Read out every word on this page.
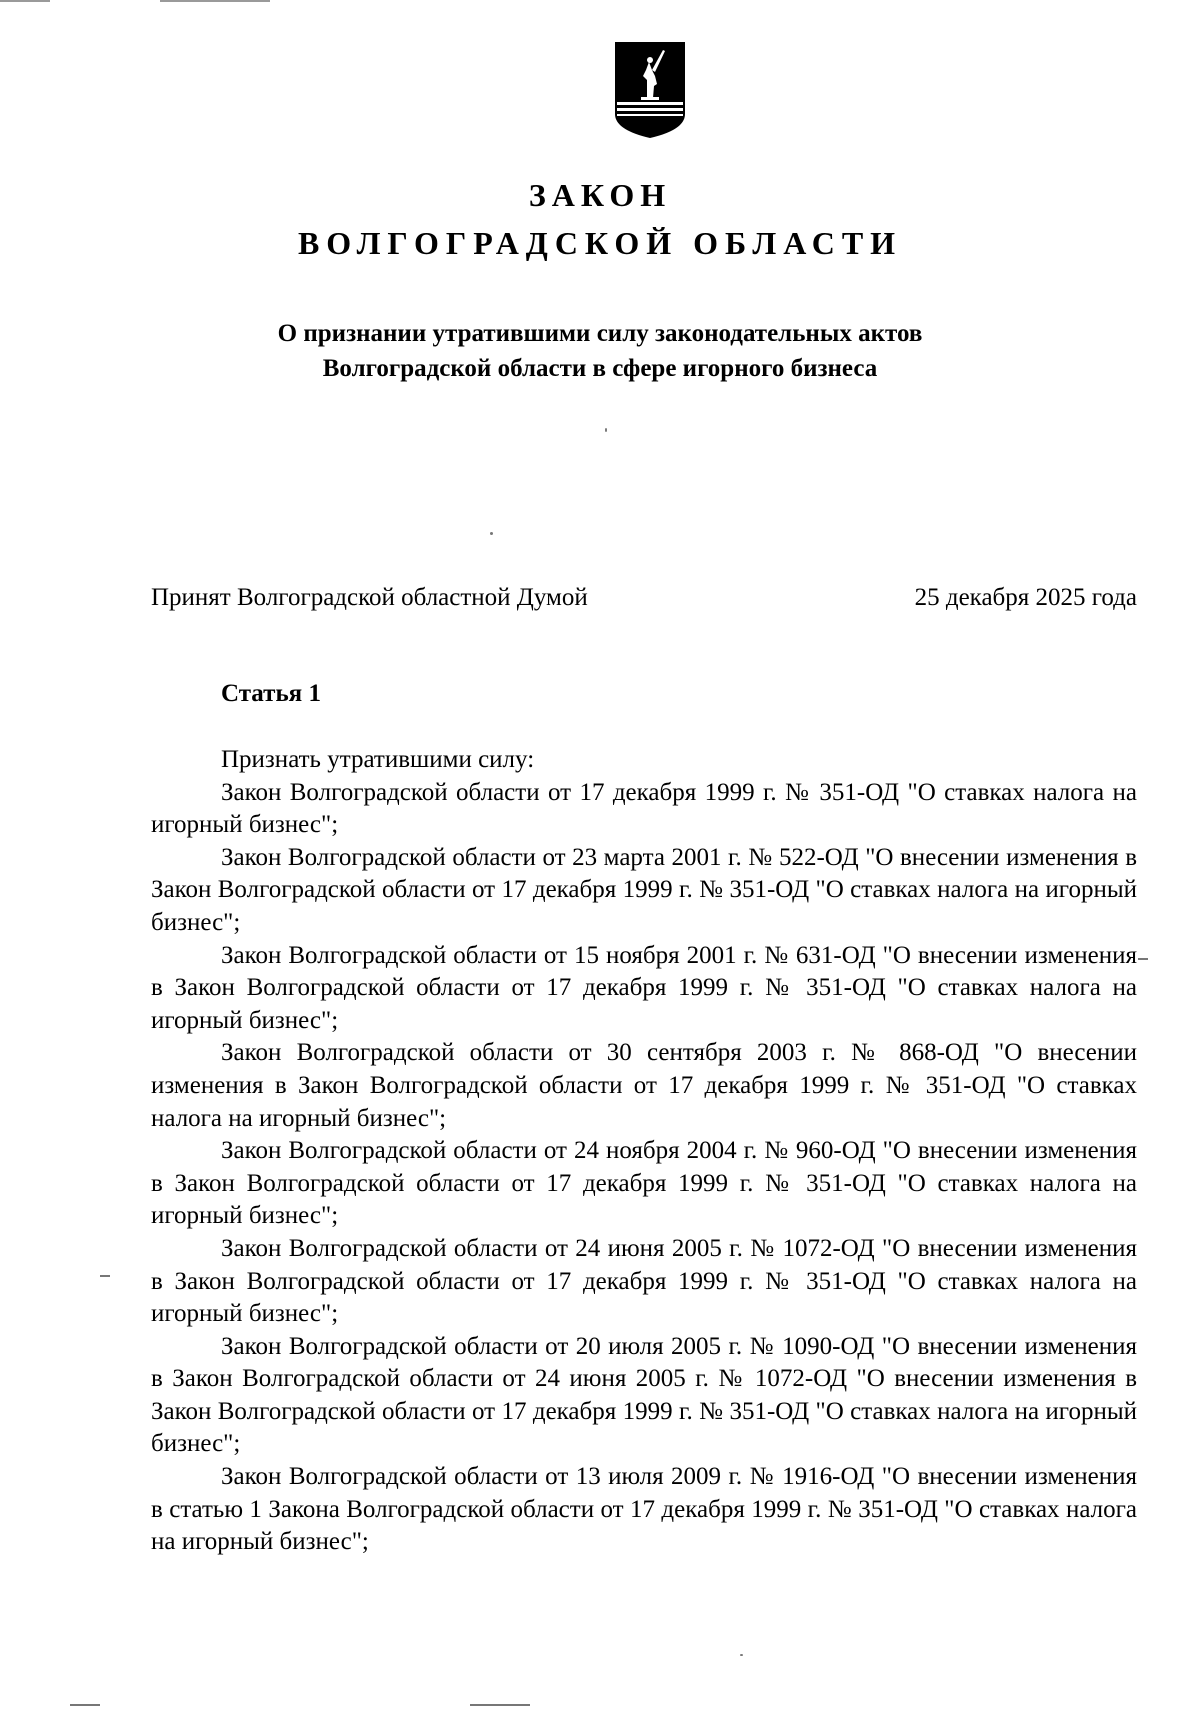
ЗАКОН
ВОЛГОГРАДСКОЙ ОБЛАСТИ
О признании утратившими силу законодательных актов
Волгоградской области в сфере игорного бизнеса
Принят Волгоградской областной Думой	25 декабря 2025 года
Статья 1

Признать утратившими силу:

Закон Волгоградской области от 17 декабря 1999 г. № 351-ОД "О ставках налога на игорный бизнес";

Закон Волгоградской области от 23 марта 2001 г. № 522-ОД "О внесении изменения в Закон Волгоградской области от 17 декабря 1999 г. № 351-ОД "О ставках налога на игорный бизнес";

Закон Волгоградской области от 15 ноября 2001 г. № 631-ОД "О внесении изменения в Закон Волгоградской области от 17 декабря 1999 г. № 351-ОД "О ставках налога на игорный бизнес";

Закон Волгоградской области от 30 сентября 2003 г. № 868-ОД "О внесении изменения в Закон Волгоградской области от 17 декабря 1999 г. № 351-ОД "О ставках налога на игорный бизнес";

Закон Волгоградской области от 24 ноября 2004 г. № 960-ОД "О внесении изменения в Закон Волгоградской области от 17 декабря 1999 г. № 351-ОД "О ставках налога на игорный бизнес";

Закон Волгоградской области от 24 июня 2005 г. № 1072-ОД "О внесении изменения в Закон Волгоградской области от 17 декабря 1999 г. № 351-ОД "О ставках налога на игорный бизнес";

Закон Волгоградской области от 20 июля 2005 г. № 1090-ОД "О внесении изменения в Закон Волгоградской области от 24 июня 2005 г. № 1072-ОД "О внесении изменения в Закон Волгоградской области от 17 декабря 1999 г. № 351-ОД "О ставках налога на игорный бизнес";

Закон Волгоградской области от 13 июля 2009 г. № 1916-ОД "О внесении изменения в статью 1 Закона Волгоградской области от 17 декабря 1999 г. № 351-ОД "О ставках налога на игорный бизнес";
